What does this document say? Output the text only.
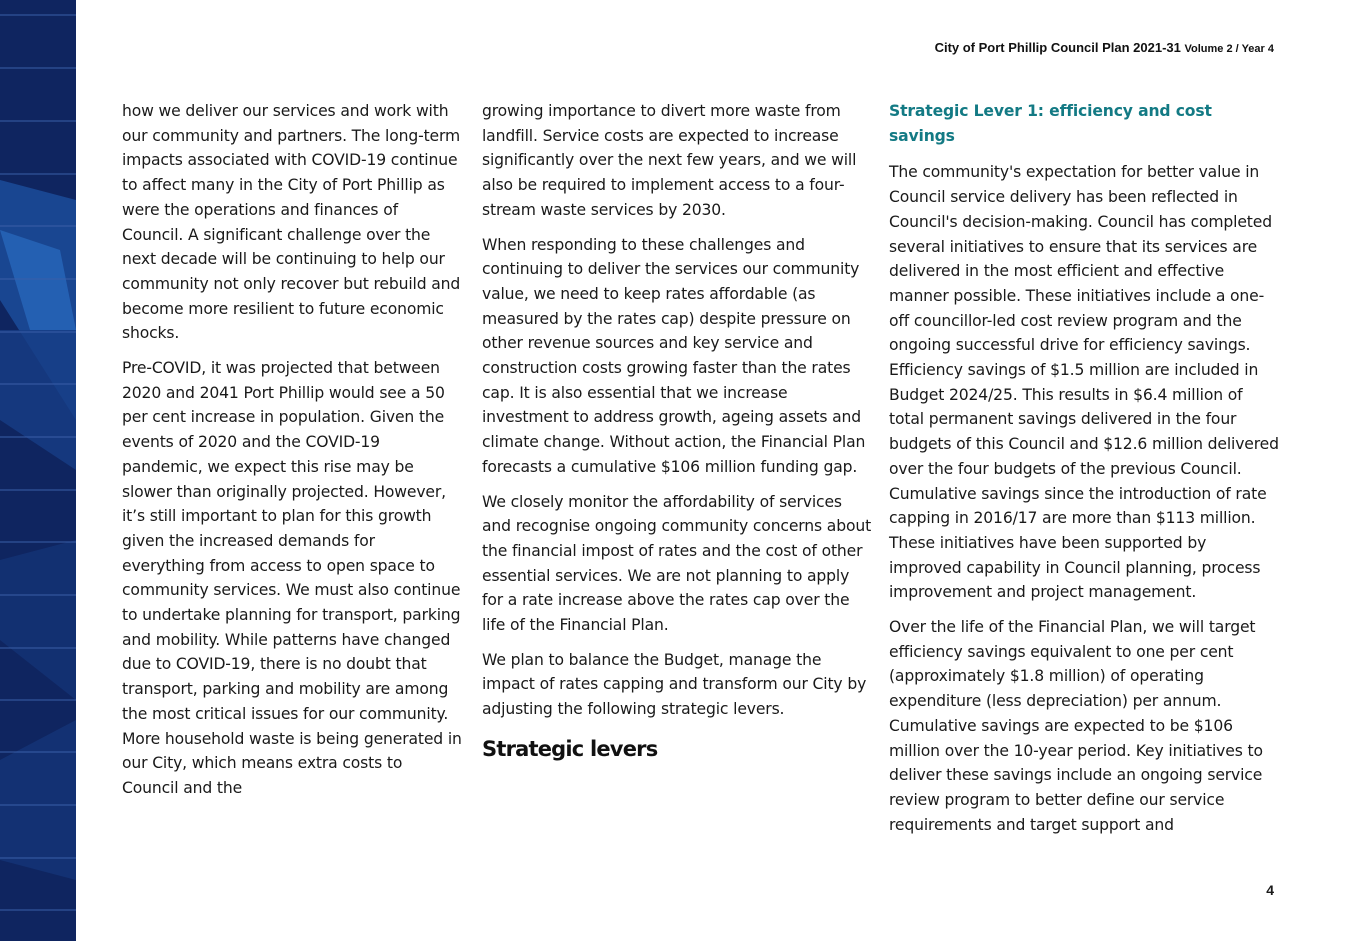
City of Port Phillip Council Plan 2021-31 Volume 2 / Year 4

how we deliver our services and work with our community and partners. The long-term impacts associated with COVID-19 continue to affect many in the City of Port Phillip as were the operations and finances of Council. A significant challenge over the next decade will be continuing to help our community not only recover but rebuild and become more resilient to future economic shocks.

Pre-COVID, it was projected that between 2020 and 2041 Port Phillip would see a 50 per cent increase in population. Given the events of 2020 and the COVID-19 pandemic, we expect this rise may be slower than originally projected. However, it’s still important to plan for this growth given the increased demands for everything from access to open space to community services. We must also continue to undertake planning for transport, parking and mobility. While patterns have changed due to COVID-19, there is no doubt that transport, parking and mobility are among the most critical issues for our community. More household waste is being generated in our City, which means extra costs to Council and the

growing importance to divert more waste from landfill. Service costs are expected to increase significantly over the next few years, and we will also be required to implement access to a four-stream waste services by 2030.

When responding to these challenges and continuing to deliver the services our community value, we need to keep rates affordable (as measured by the rates cap) despite pressure on other revenue sources and key service and construction costs growing faster than the rates cap. It is also essential that we increase investment to address growth, ageing assets and climate change. Without action, the Financial Plan forecasts a cumulative $106 million funding gap.

We closely monitor the affordability of services and recognise ongoing community concerns about the financial impost of rates and the cost of other essential services. We are not planning to apply for a rate increase above the rates cap over the life of the Financial Plan.

We plan to balance the Budget, manage the impact of rates capping and transform our City by adjusting the following strategic levers.

Strategic levers
Strategic Lever 1: efficiency and cost savings

The community's expectation for better value in Council service delivery has been reflected in Council's decision-making. Council has completed several initiatives to ensure that its services are delivered in the most efficient and effective manner possible. These initiatives include a one-off councillor-led cost review program and the ongoing successful drive for efficiency savings. Efficiency savings of $1.5 million are included in Budget 2024/25. This results in $6.4 million of total permanent savings delivered in the four budgets of this Council and $12.6 million delivered over the four budgets of the previous Council. Cumulative savings since the introduction of rate capping in 2016/17 are more than $113 million. These initiatives have been supported by improved capability in Council planning, process improvement and project management.

Over the life of the Financial Plan, we will target efficiency savings equivalent to one per cent (approximately $1.8 million) of operating expenditure (less depreciation) per annum. Cumulative savings are expected to be $106 million over the 10-year period. Key initiatives to deliver these savings include an ongoing service review program to better define our service requirements and target support and

4
